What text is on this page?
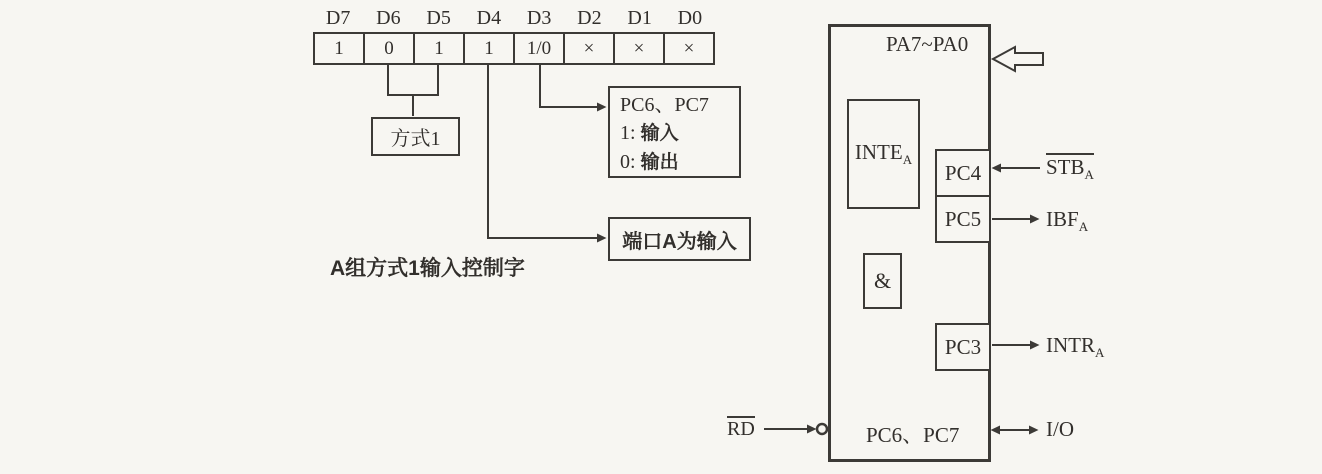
D7	D6	D5	D4	D3	D2	D1	D0
1	0	1	1	1/0	×	×	×
方式1
PC6、PC7
1: 输入
0: 输出
端口A为输入
A组方式1输入控制字
PA7~PA0
$INTE_A$
PC4
PC5
&
PC3
PC6、PC7
RD
$STB_A$
$IBF_A$
$INTR_A$
I/O
